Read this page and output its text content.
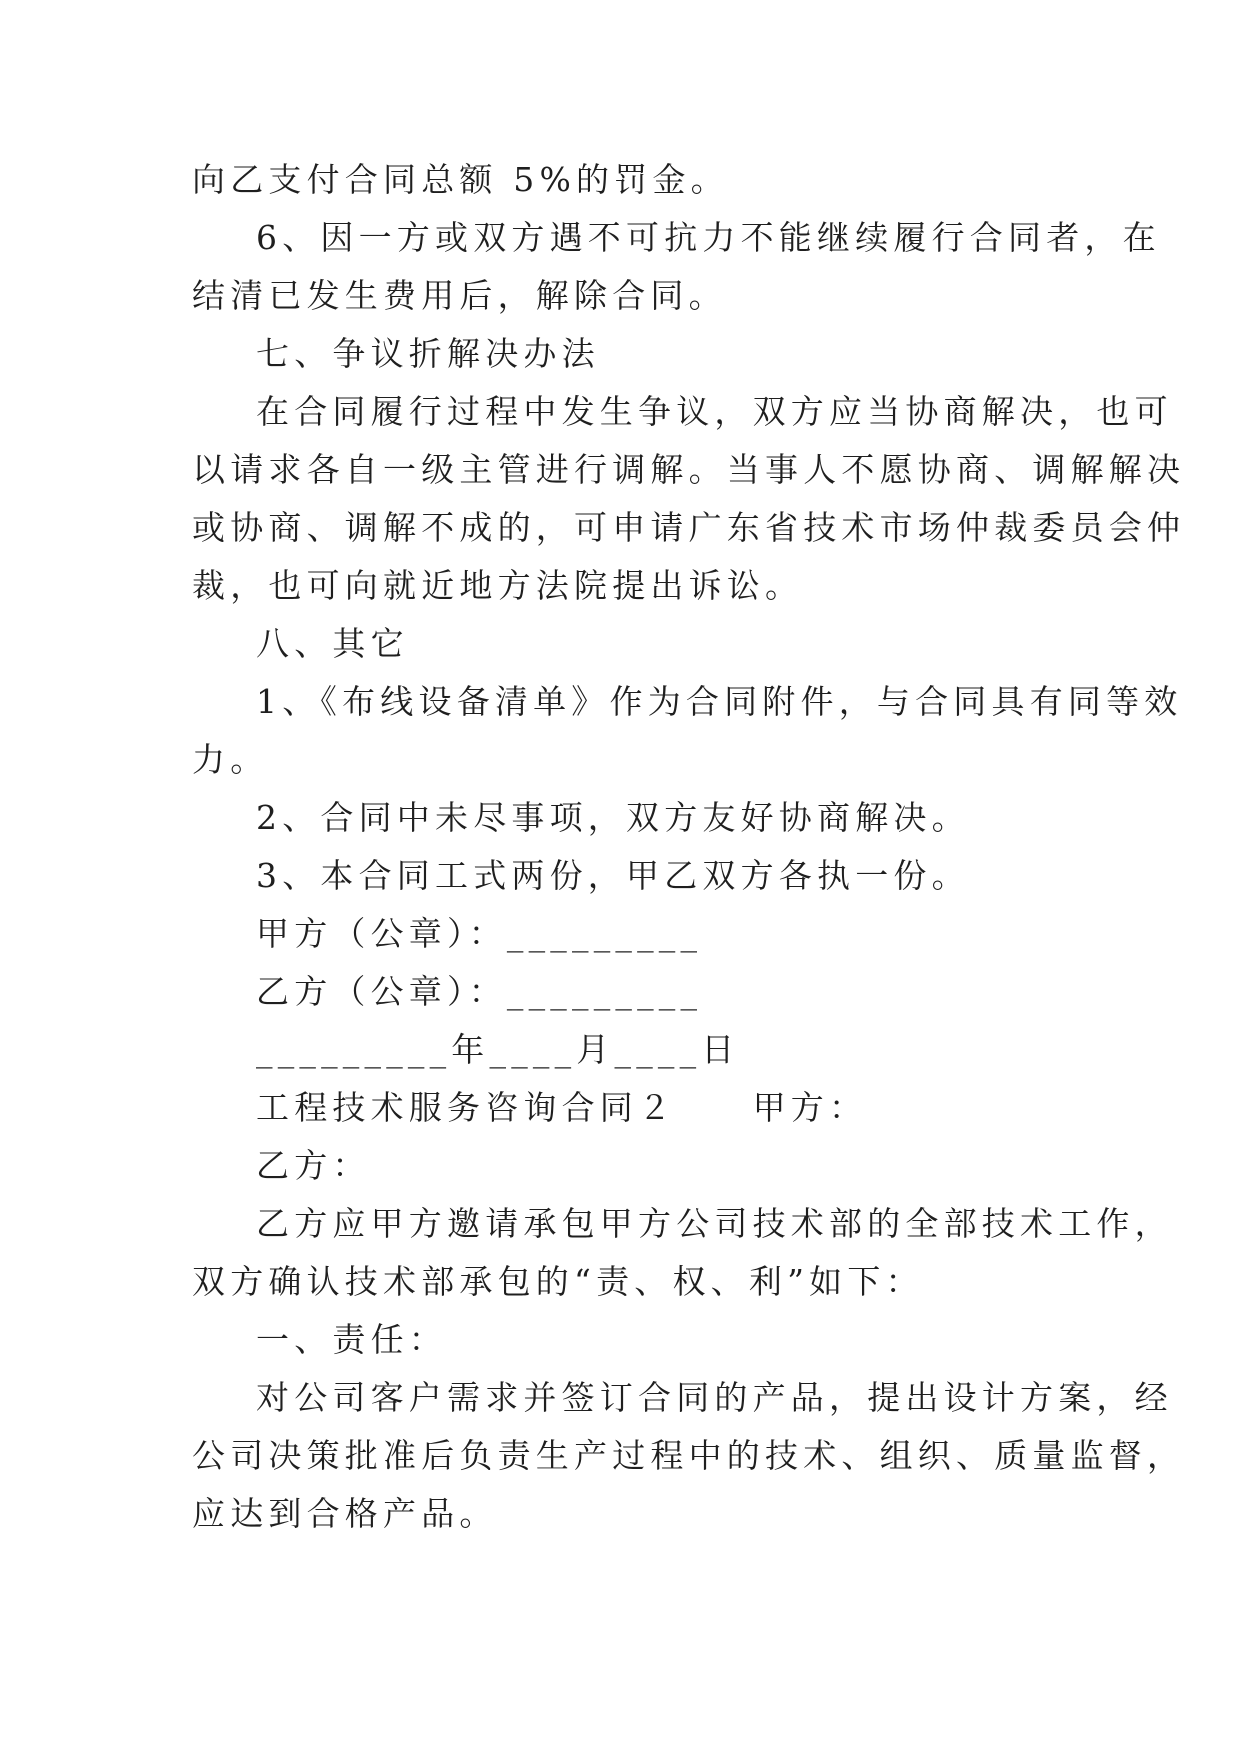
向乙支付合同总额 5%的罚金。
6、因一方或双方遇不可抗力不能继续履行合同者，在
结清已发生费用后，解除合同。
七、争议折解决办法
在合同履行过程中发生争议，双方应当协商解决，也可
以请求各自一级主管进行调解。当事人不愿协商、调解解决
或协商、调解不成的，可申请广东省技术市场仲裁委员会仲
裁，也可向就近地方法院提出诉讼。
八、其它
1、《布线设备清单》作为合同附件，与合同具有同等效
力。
2、合同中未尽事项，双方友好协商解决。
3、本合同工式两份，甲乙双方各执一份。
甲方（公章）：_________
乙方（公章）：_________
_________年____月____日
工程技术服务咨询合同２　　甲方：
乙方：
乙方应甲方邀请承包甲方公司技术部的全部技术工作，
双方确认技术部承包的“责、权、利”如下：
一、责任：
对公司客户需求并签订合同的产品，提出设计方案，经
公司决策批准后负责生产过程中的技术、组织、质量监督，
应达到合格产品。
